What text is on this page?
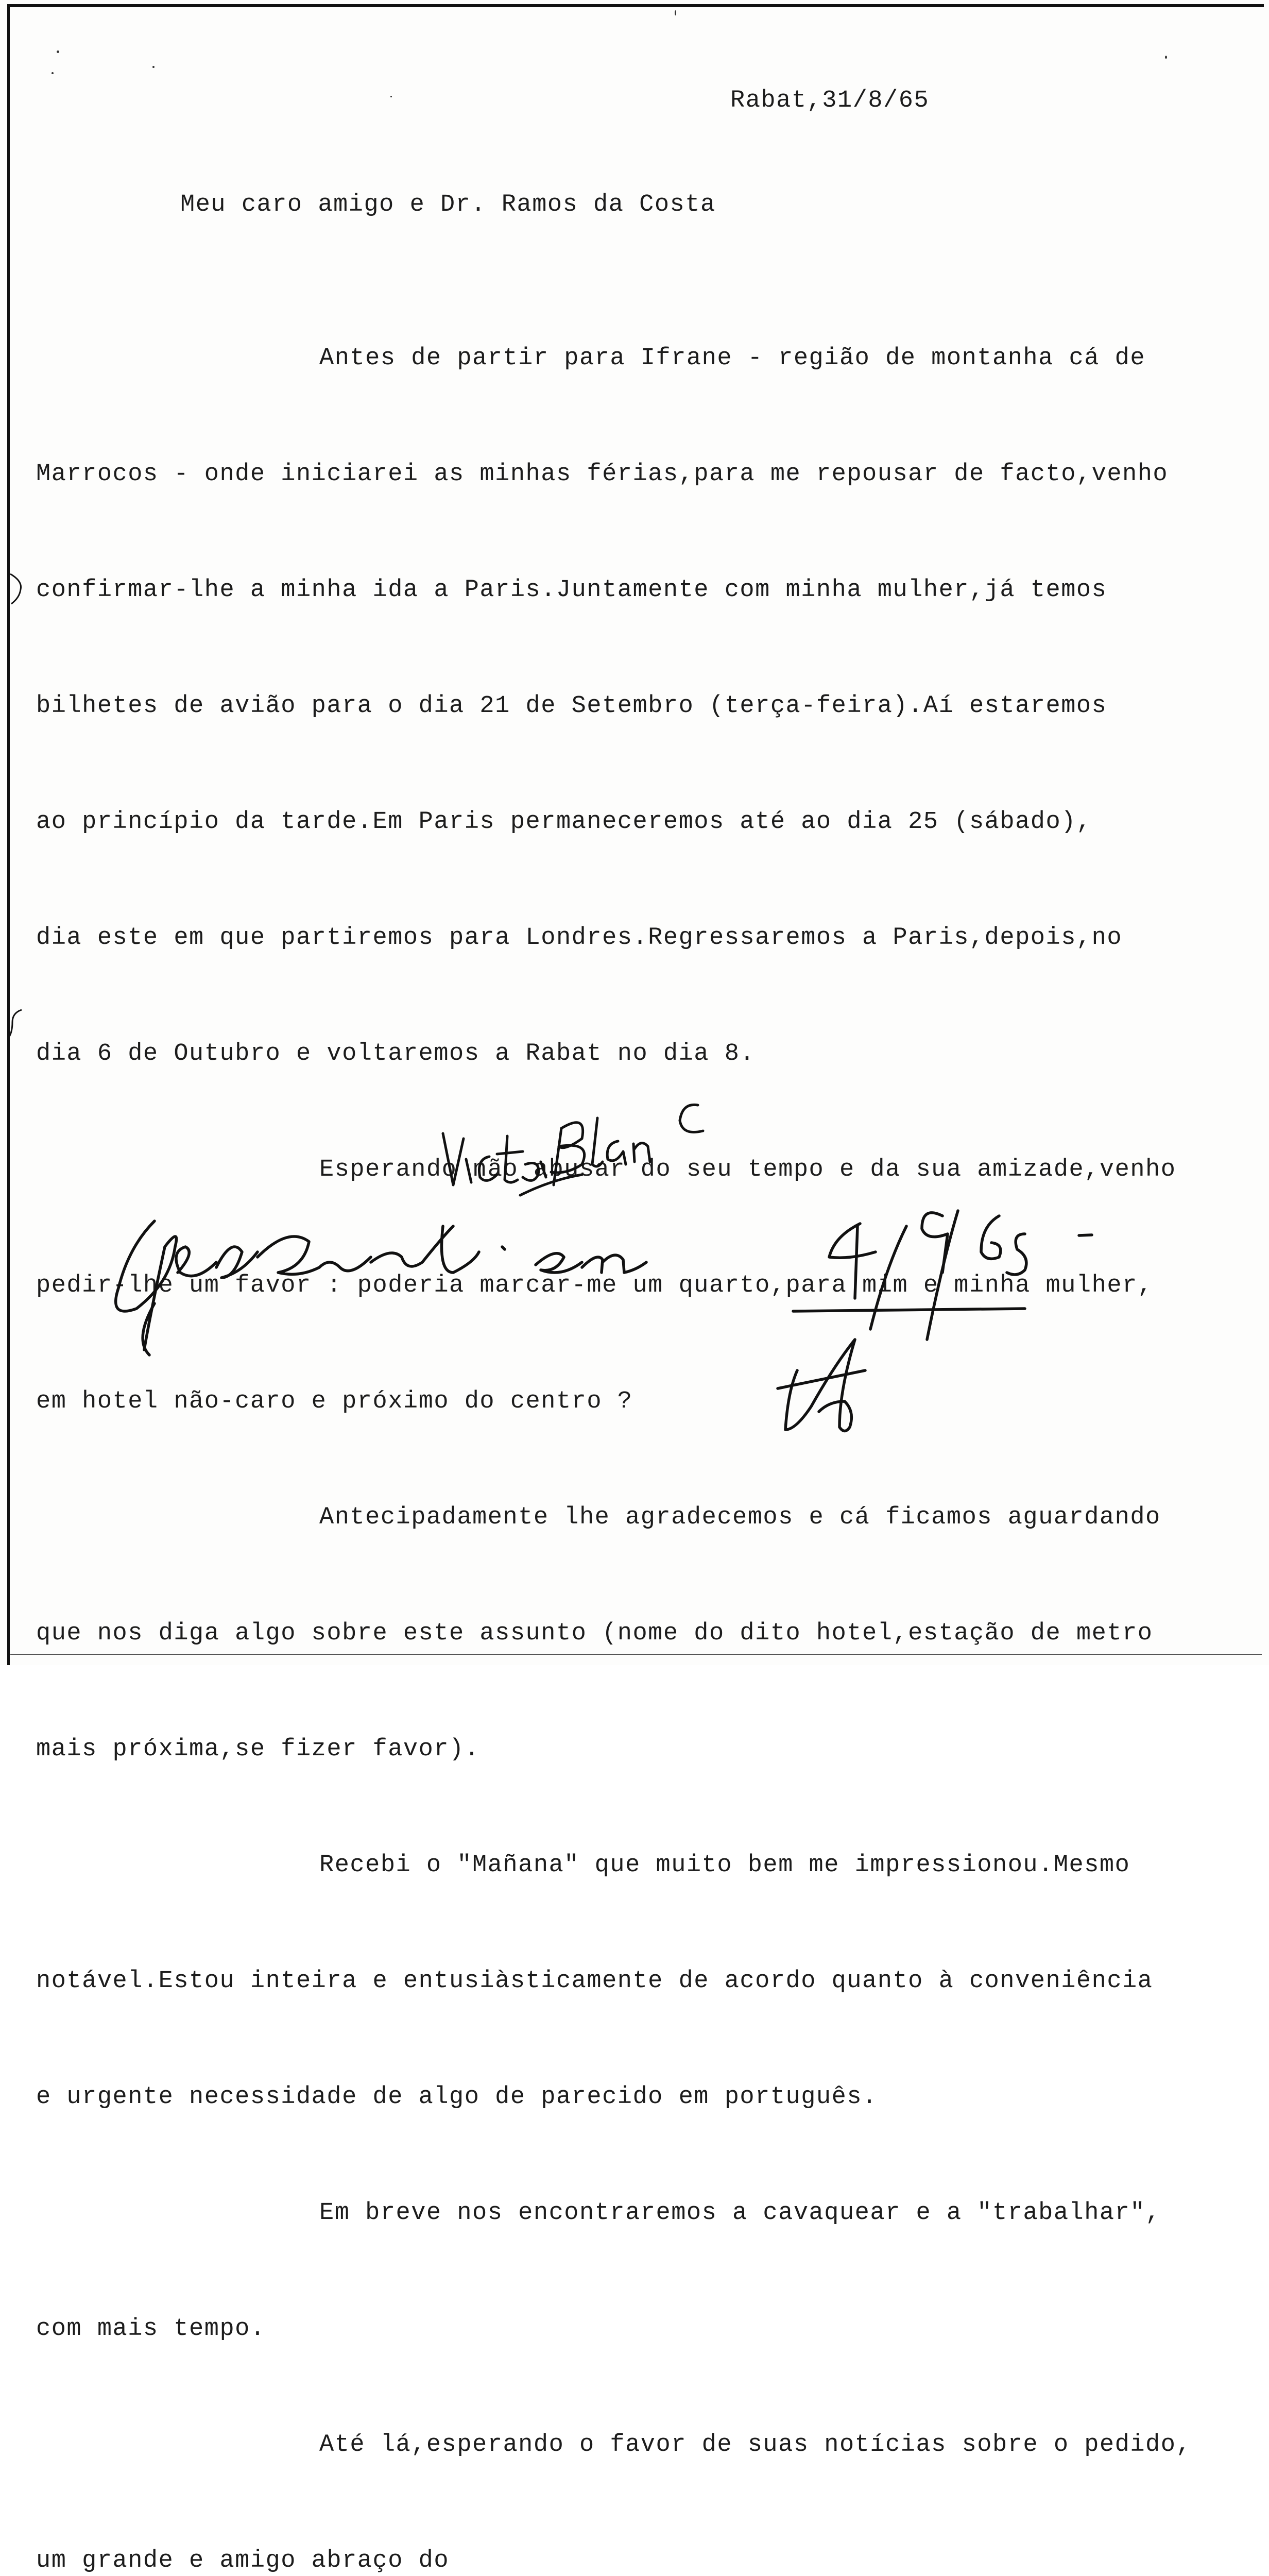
Rabat,31/8/65
Meu caro amigo e Dr. Ramos da Costa

Antes de partir para Ifrane - região de montanha cá de

Marrocos - onde iniciarei as minhas férias,para me repousar de facto,venho

confirmar-lhe a minha ida a Paris.Juntamente com minha mulher,já temos

bilhetes de avião para o dia 21 de Setembro (terça-feira).Aí estaremos

ao princípio da tarde.Em Paris permaneceremos até ao dia 25 (sábado),

dia este em que partiremos para Londres.Regressaremos a Paris,depois,no

dia 6 de Outubro e voltaremos a Rabat no dia 8.

Esperando não abusar do seu tempo e da sua amizade,venho

pedir-lhe um favor : poderia marcar-me um quarto,para mim e minha mulher,

em hotel não-caro e próximo do centro ?

Antecipadamente lhe agradecemos e cá ficamos aguardando

que nos diga algo sobre este assunto (nome do dito hotel,estação de metro

mais próxima,se fizer favor).

Recebi o "Mañana" que muito bem me impressionou.Mesmo

notável.Estou inteira e entusiàsticamente de acordo quanto à conveniência

e urgente necessidade de algo de parecido em português.

Em breve nos encontraremos a cavaquear e a "trabalhar",

com mais tempo.

Até lá,esperando o favor de suas notícias sobre o pedido,

um grande e amigo abraço do
